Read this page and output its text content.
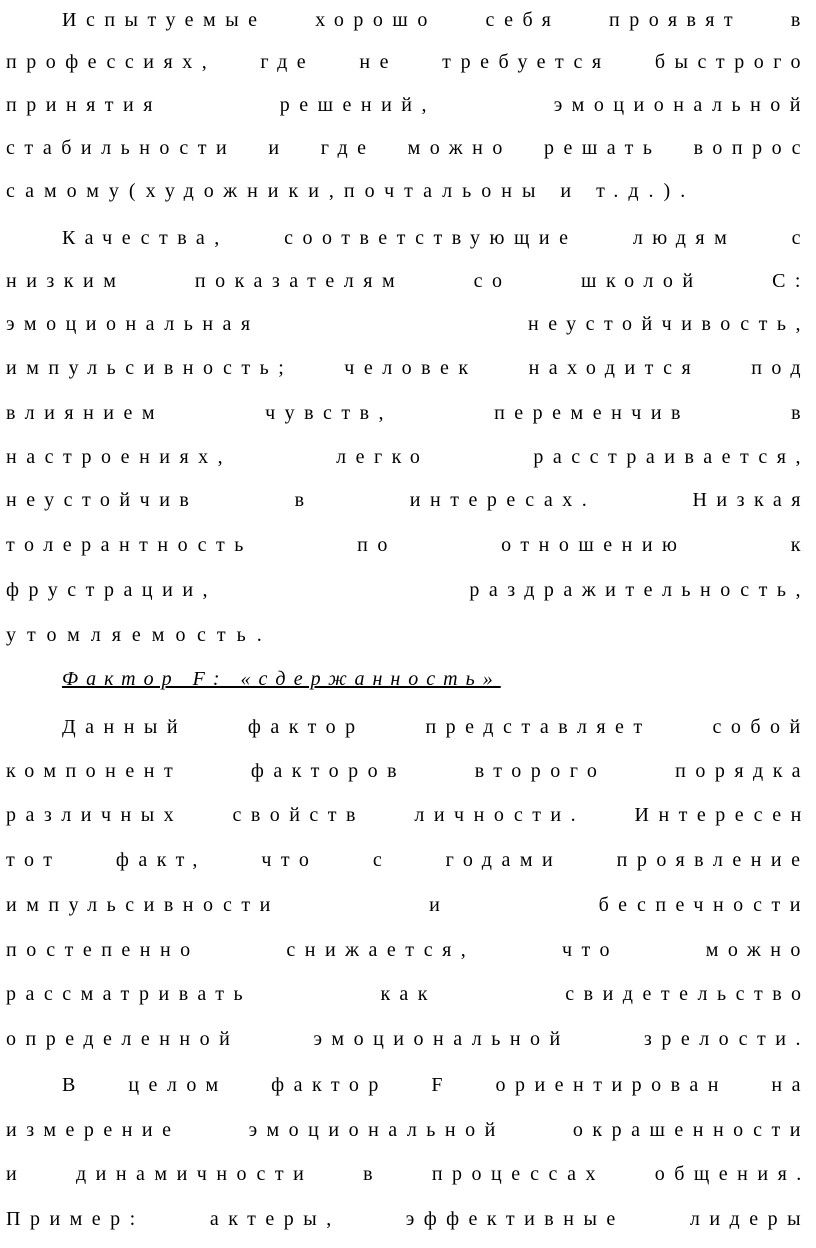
Испытуемые хорошо себя проявят в
профессиях, где не требуется быстрого
принятия	решений,	эмоциональной
стабильности и где можно решать вопрос
самому(художники,почтальоны и т.д.).
Качества,	соответствующие	людям	с
низким	показателям	со	школой	С:
эмоциональная	неустойчивость,
импульсивность;	человек	находится	под
влиянием	чувств,	переменчив	в
настроениях,	легко	расстраивается,
неустойчив	в	интересах.	Низкая
толерантность	по	отношению	к
фрустрации,	раздражительность,
утомляемость.
Фактор F: «сдержанность»
Данный	фактор	представляет	собой
компонент	факторов	второго	порядка
различных свойств личности. Интересен
тот	факт,	что	с	годами	проявление
импульсивности	и	беспечности
постепенно	снижается,	что	можно
рассматривать	как	свидетельство
определенной	эмоциональной	зрелости.
В целом фактор F ориентирован на
измерение	эмоциональной	окрашенности
и динамичности в процессах общения.
Пример:	актеры,	эффективные	лидеры
